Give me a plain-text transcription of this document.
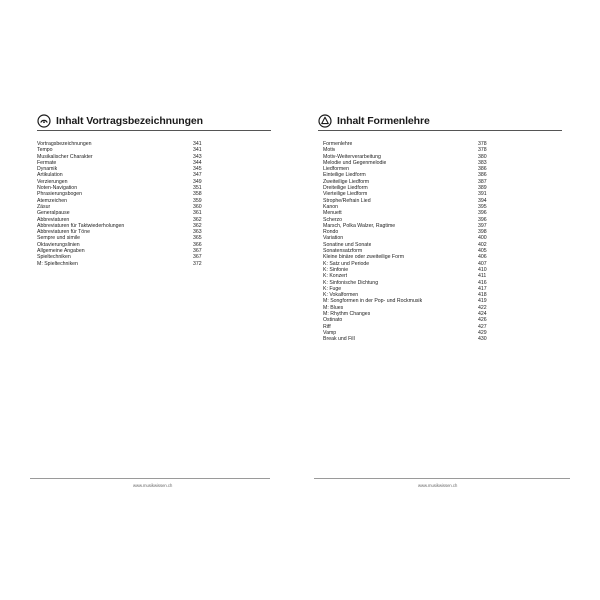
Inhalt Vortragsbezeichnungen
Vortragsbezeichnungen	341
Tempo	341
Musikalischer Charakter	343
Fermate	344
Dynamik	345
Artikulation	347
Verzierungen	349
Noten-Navigation	351
Phrasierungsbogen	358
Atemzeichen	359
Zäsur	360
Generalpause	361
Abbreviaturen	362
Abbreviaturen für Taktwiederholungen	362
Abbreviaturen für Töne	363
Sempre und simile	365
Oktavierungslinien	366
Allgemeine Angaben	367
Spieltechniken	367
M: Spieltechniken	372
www.musikwissen.ch
Inhalt Formenlehre
Formenlehre	378
Motiv	378
Motiv-Weiterverarbeitung	380
Melodie und Gegenmelodie	383
Liedformen	386
Einteilige Liedform	386
Zweiteilige Liedform	387
Dreiteilige Liedform	389
Vierteilige Liedform	391
Strophe/Refrain Lied	394
Kanon	395
Menuett	396
Scherzo	396
Marsch, Polka Walzer, Ragtime	397
Rondo	398
Variation	400
Sonatine und Sonate	402
Sonatensatzform	405
Kleine binäre oder zweiteilige Form	406
K: Satz und Periode	407
K: Sinfonie	410
K: Konzert	411
K: Sinfonische Dichtung	416
K: Fuge	417
K: Vokalformen	418
M: Songformen in der Pop- und Rockmusik	419
M: Blues	422
M: Rhythm Changes	424
Ostinato	426
Riff	427
Vamp	429
Break und Fill	430
www.musikwissen.ch
